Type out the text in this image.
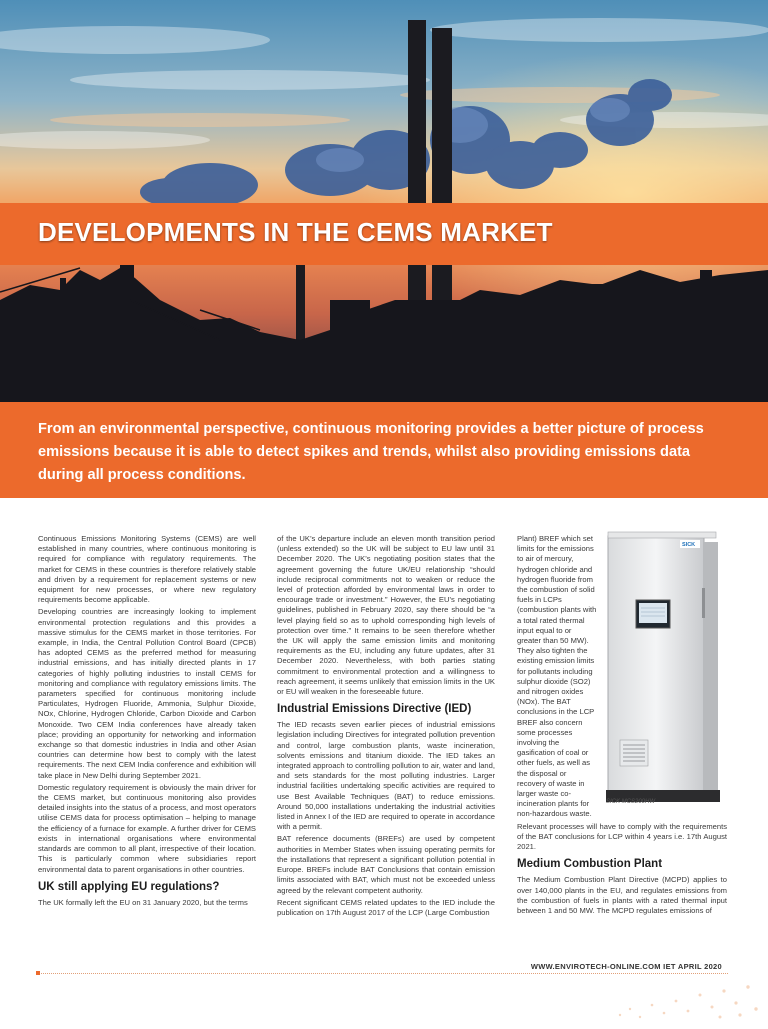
DEVELOPMENTS IN THE CEMS MARKET

From an environmental perspective, continuous monitoring provides a better picture of process emissions because it is able to detect spikes and trends, whilst also providing emissions data during all process conditions.

Continuous Emissions Monitoring Systems (CEMS) are well established in many countries, where continuous monitoring is required for compliance with regulatory requirements. The market for CEMS in these countries is therefore relatively stable and driven by a requirement for replacement systems or new equipment for new processes, or where new regulatory requirements become applicable.

Developing countries are increasingly looking to implement environmental protection regulations and this provides a massive stimulus for the CEMS market in those territories. For example, in India, the Central Pollution Control Board (CPCB) has adopted CEMS as the preferred method for measuring industrial emissions, and has initially directed plants in 17 categories of highly polluting industries to install CEMS for monitoring and compliance with regulatory emissions limits. The parameters specified for continuous monitoring include Particulates, Hydrogen Fluoride, Ammonia, Sulphur Dioxide, NOx, Chlorine, Hydrogen Chloride, Carbon Dioxide and Carbon Monoxide. Two CEM India conferences have already taken place; providing an opportunity for networking and information exchange so that domestic industries in India and other Asian countries can determine how best to comply with the latest requirements. The next CEM India conference and exhibition will take place in New Delhi during September 2021.

Domestic regulatory requirement is obviously the main driver for the CEMS market, but continuous monitoring also provides detailed insights into the status of a process, and most operators utilise CEMS data for process optimisation – helping to manage the efficiency of a furnace for example. A further driver for CEMS exists in international organisations where environmental standards are common to all plant, irrespective of their location. This is particularly common where subsidiaries report environmental data to parent organisations in other countries.

UK still applying EU regulations?

The UK formally left the EU on 31 January 2020, but the terms

of the UK’s departure include an eleven month transition period (unless extended) so the UK will be subject to EU law until 31 December 2020. The UK’s negotiating position states that the agreement governing the future UK/EU relationship “should include reciprocal commitments not to weaken or reduce the level of protection afforded by environmental laws in order to encourage trade or investment.” However, the EU’s negotiating guidelines, published in February 2020, say there should be “a level playing field so as to uphold corresponding high levels of protection over time.” It remains to be seen therefore whether the UK will apply the same emission limits and monitoring requirements as the EU, including any future updates, after 31 December 2020. Nevertheless, with both parties stating commitment to environmental protection and a willingness to reach agreement, it seems unlikely that emission limits in the UK or EU will weaken in the foreseeable future.

Industrial Emissions Directive (IED)

The IED recasts seven earlier pieces of industrial emissions legislation including Directives for integrated pollution prevention and control, large combustion plants, waste incineration, solvents emissions and titanium dioxide. The IED takes an integrated approach to controlling pollution to air, water and land, and sets standards for the most polluting industries. Larger industrial facilities undertaking specific activities are required to use Best Available Techniques (BAT) to reduce emissions. Around 50,000 installations undertaking the industrial activities listed in Annex I of the IED are required to operate in accordance with a permit.

BAT reference documents (BREFs) are used by competent authorities in Member States when issuing operating permits for the installations that represent a significant pollution potential in Europe. BREFs include BAT Conclusions that contain emission limits associated with BAT, which must not be exceeded unless agreed by the relevant competent authority.

Recent significant CEMS related updates to the IED include the publication on 17th August 2017 of the LCP (Large Combustion

Plant) BREF which set limits for the emissions to air of mercury, hydrogen chloride and hydrogen fluoride from the combustion of solid fuels in LCPs (combustion plants with a total rated thermal input equal to or greater than 50 MW). They also tighten the existing emission limits for pollutants including sulphur dioxide (SO2) and nitrogen oxides (NOx). The BAT conclusions in the LCP BREF also concern some processes involving the gasification of coal or other fuels, as well as the disposal or recovery of waste in larger waste co-incineration plants for non-hazardous waste.

Relevant processes will have to comply with the requirements of the BAT conclusions for LCP within 4 years i.e. 17th August 2021.

Medium Combustion Plant

The Medium Combustion Plant Directive (MCPD) applies to over 140,000 plants in the EU, and regulates emissions from the combustion of fuels in plants with a rated thermal input between 1 and 50 MW. The MCPD regulates emissions of

SICK
SICK MCS200HW
WWW.ENVIROTECH-ONLINE.COM IET APRIL 2020
